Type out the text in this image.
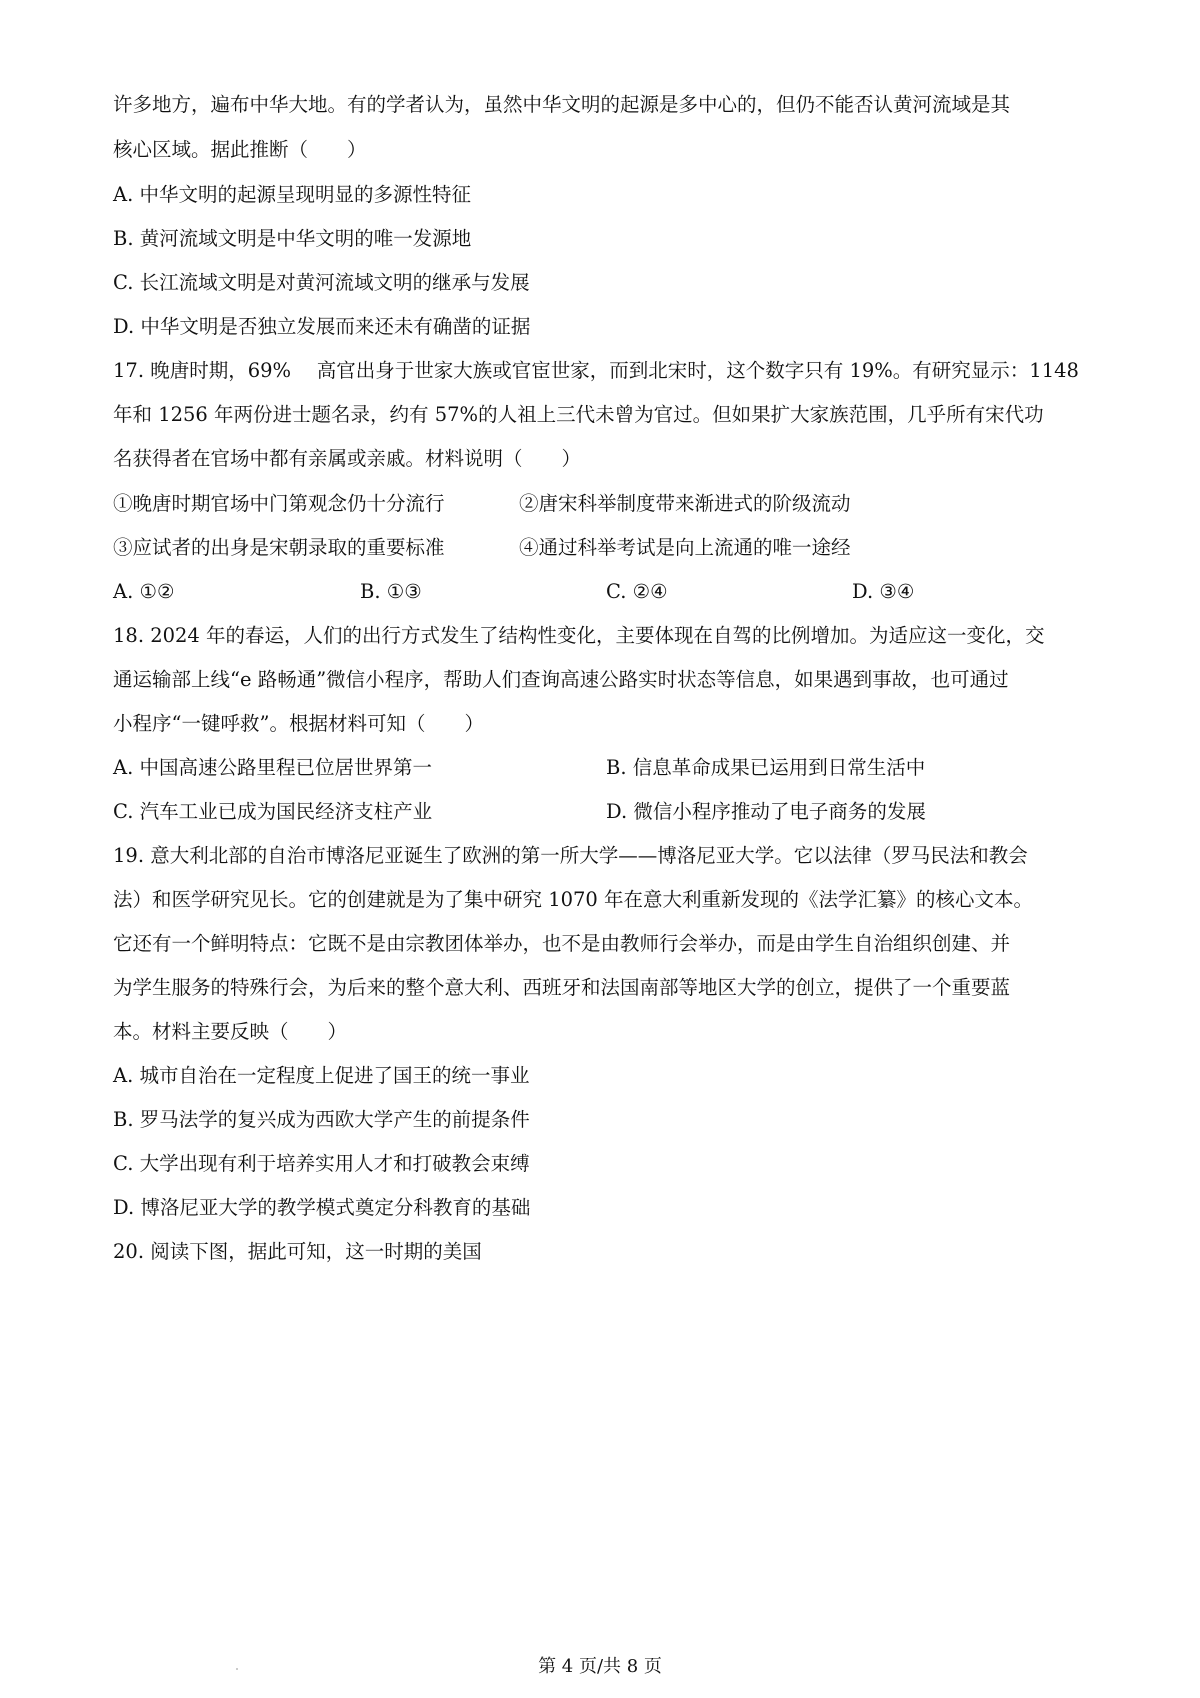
许多地方，遍布中华大地。有的学者认为，虽然中华文明的起源是多中心的，但仍不能否认黄河流域是其
核心区域。据此推断（　　）
A. 中华文明的起源呈现明显的多源性特征
B. 黄河流域文明是中华文明的唯一发源地
C. 长江流域文明是对黄河流域文明的继承与发展
D. 中华文明是否独立发展而来还未有确凿的证据
17. 晚唐时期，69%　 高官出身于世家大族或官宦世家，而到北宋时，这个数字只有 19%。有研究显示：1148
年和 1256 年两份进士题名录，约有 57%的人祖上三代未曾为官过。但如果扩大家族范围，几乎所有宋代功
名获得者在官场中都有亲属或亲戚。材料说明（　　）
①晚唐时期官场中门第观念仍十分流行	②唐宋科举制度带来渐进式的阶级流动
③应试者的出身是宋朝录取的重要标准	④通过科举考试是向上流通的唯一途经
A. ①②	B. ①③	C. ②④	D. ③④
18. 2024 年的春运，人们的出行方式发生了结构性变化，主要体现在自驾的比例增加。为适应这一变化，交
通运输部上线“e 路畅通”微信小程序，帮助人们查询高速公路实时状态等信息，如果遇到事故，也可通过
小程序“一键呼救”。根据材料可知（　　）
A. 中国高速公路里程已位居世界第一	B. 信息革命成果已运用到日常生活中
C. 汽车工业已成为国民经济支柱产业	D. 微信小程序推动了电子商务的发展
19. 意大利北部的自治市博洛尼亚诞生了欧洲的第一所大学——博洛尼亚大学。它以法律（罗马民法和教会
法）和医学研究见长。它的创建就是为了集中研究 1070 年在意大利重新发现的《法学汇纂》的核心文本。
它还有一个鲜明特点：它既不是由宗教团体举办，也不是由教师行会举办，而是由学生自治组织创建、并
为学生服务的特殊行会，为后来的整个意大利、西班牙和法国南部等地区大学的创立，提供了一个重要蓝
本。材料主要反映（　　）
A. 城市自治在一定程度上促进了国王的统一事业
B. 罗马法学的复兴成为西欧大学产生的前提条件
C. 大学出现有利于培养实用人才和打破教会束缚
D. 博洛尼亚大学的教学模式奠定分科教育的基础
20. 阅读下图，据此可知，这一时期的美国
第 4 页/共 8 页
